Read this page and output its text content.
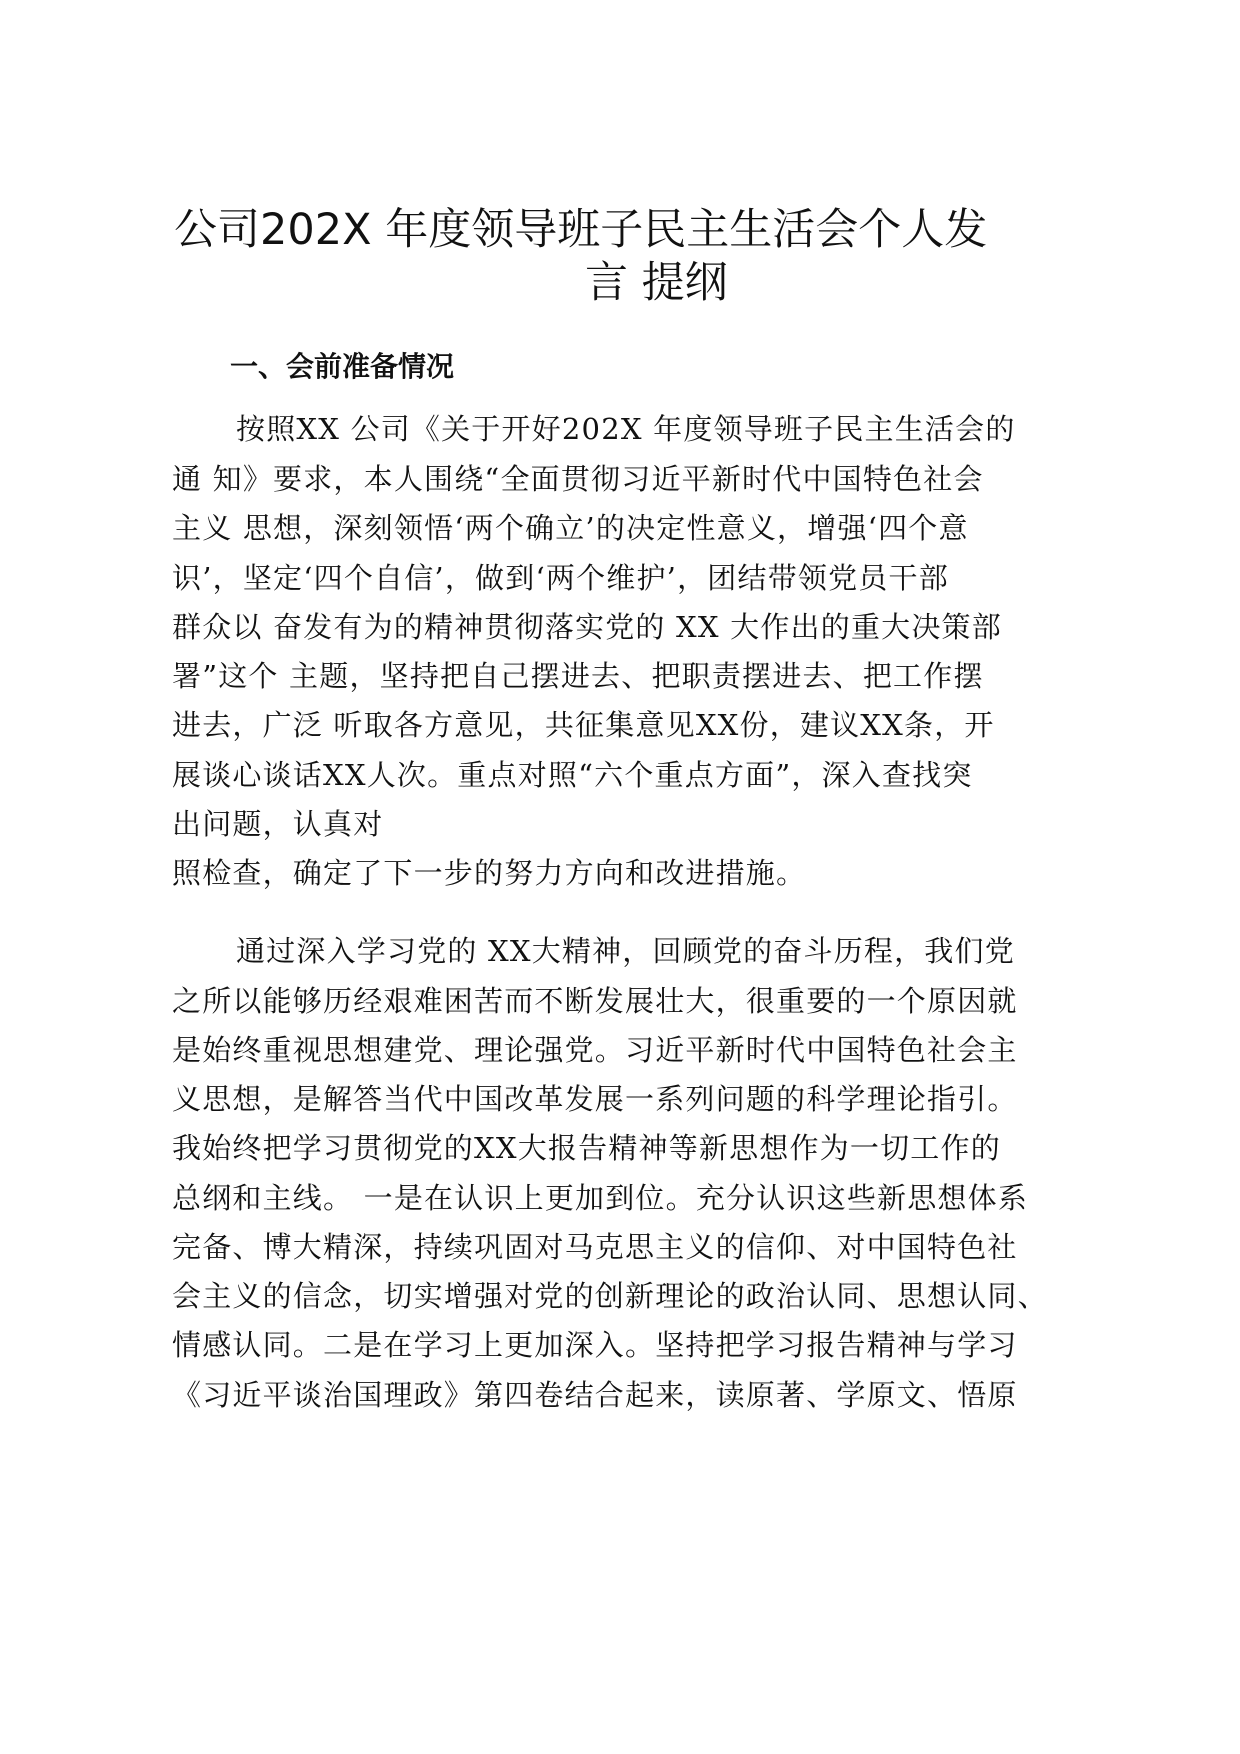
公司202X 年度领导班子民主生活会个人发
言 提纲
一、会前准备情况
按照XX 公司《关于开好202X 年度领导班子民主生活会的
通 知》要求，本人围绕“全面贯彻习近平新时代中国特色社会
主义 思想，深刻领悟‘两个确立’的决定性意义，增强‘四个意
识’，坚定‘四个自信’，做到‘两个维护’，团结带领党员干部
群众以 奋发有为的精神贯彻落实党的 XX 大作出的重大决策部
署”这个 主题，坚持把自己摆进去、把职责摆进去、把工作摆
进去，广泛 听取各方意见，共征集意见XX份，建议XX条，开
展谈心谈话XX人次。重点对照“六个重点方面”，深入查找突
出问题，认真对
照检查，确定了下一步的努力方向和改进措施。
通过深入学习党的 XX大精神，回顾党的奋斗历程，我们党
之所以能够历经艰难困苦而不断发展壮大，很重要的一个原因就
是始终重视思想建党、理论强党。习近平新时代中国特色社会主
义思想，是解答当代中国改革发展一系列问题的科学理论指引。
我始终把学习贯彻党的XX大报告精神等新思想作为一切工作的
总纲和主线。 一是在认识上更加到位。充分认识这些新思想体系
完备、博大精深，持续巩固对马克思主义的信仰、对中国特色社
会主义的信念，切实增强对党的创新理论的政治认同、思想认同、
情感认同。二是在学习上更加深入。坚持把学习报告精神与学习
《习近平谈治国理政》第四卷结合起来，读原著、学原文、悟原
